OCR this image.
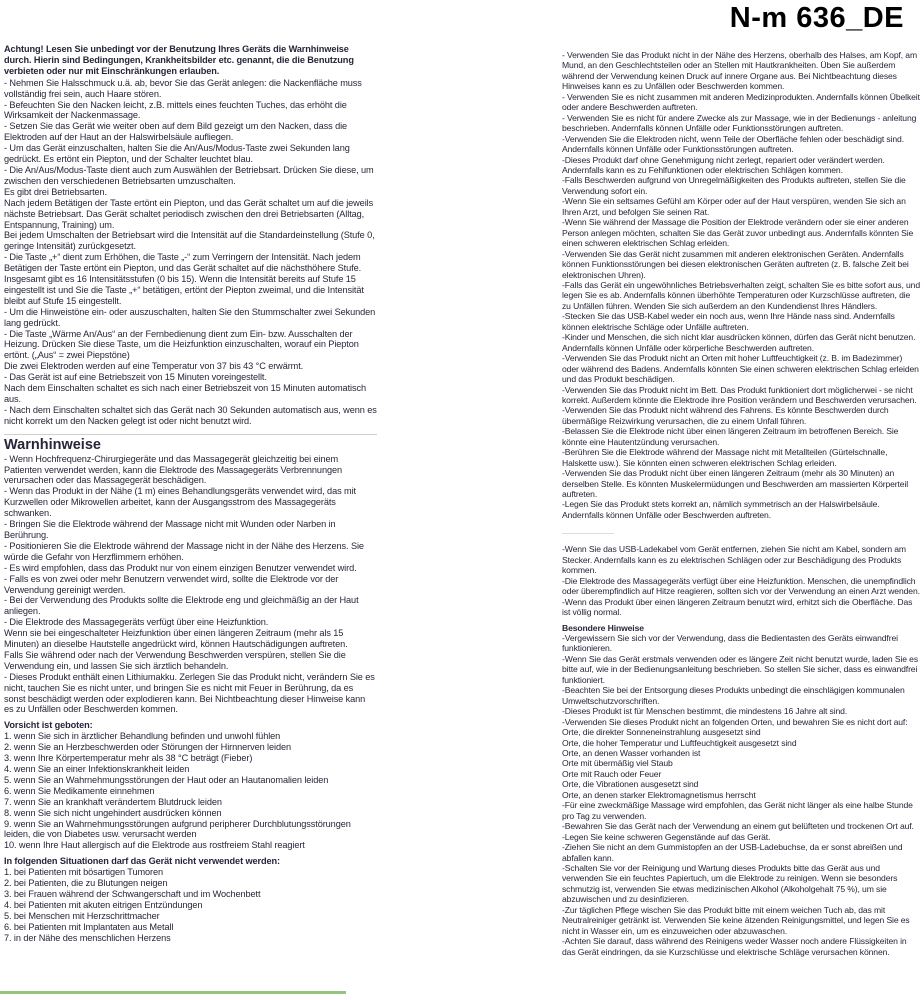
N-m 636_DE

Achtung! Lesen Sie unbedingt vor der Benutzung Ihres Geräts die Warnhinweise durch. Hierin sind Bedingungen, Krankheitsbilder etc. genannt, die die Benutzung verbieten oder nur mit Einschränkungen erlauben.

- Nehmen Sie Halsschmuck u.ä. ab, bevor Sie das Gerät anlegen: die Nackenfläche muss vollständig frei sein, auch Haare stören.

- Befeuchten Sie den Nacken leicht, z.B. mittels eines feuchten Tuches, das erhöht die Wirksamkeit der Nackenmassage.

- Setzen Sie das Gerät wie weiter oben auf dem Bild gezeigt um den Nacken, dass die Elektroden auf der Haut an der Halswirbelsäule aufliegen.

- Um das Gerät einzuschalten, halten Sie die An/Aus/Modus-Taste zwei Sekunden lang gedrückt. Es ertönt ein Piepton, und der Schalter leuchtet blau.

- Die An/Aus/Modus-Taste dient auch zum Auswählen der Betriebsart. Drücken Sie diese, um zwischen den verschiedenen Betriebsarten umzuschalten.

Es gibt drei Betriebsarten.

Nach jedem Betätigen der Taste ertönt ein Piepton, und das Gerät schaltet um auf die jeweils nächste Betriebsart. Das Gerät schaltet periodisch zwischen den drei Betriebsarten (Alltag, Entspannung, Training) um.

Bei jedem Umschalten der Betriebsart wird die Intensität auf die Standardeinstellung (Stufe 0, geringe Intensität) zurückgesetzt.

- Die Taste „+“ dient zum Erhöhen, die Taste „-“ zum Verringern der Intensität. Nach jedem Betätigen der Taste ertönt ein Piepton, und das Gerät schaltet auf die nächsthöhere Stufe. Insgesamt gibt es 16 Intensitätsstufen (0 bis 15). Wenn die Intensität bereits auf Stufe 15 eingestellt ist und Sie die Taste „+“ betätigen, ertönt der Piepton zweimal, und die Intensität bleibt auf Stufe 15 eingestellt.

- Um die Hinweistöne ein- oder auszuschalten, halten Sie den Stummschalter zwei Sekunden lang gedrückt.

- Die Taste „Wärme An/Aus“ an der Fernbedienung dient zum Ein- bzw. Ausschalten der Heizung. Drücken Sie diese Taste, um die Heizfunktion einzuschalten, worauf ein Piepton ertönt. („Aus“ = zwei Piepstöne)

Die zwei Elektroden werden auf eine Temperatur von 37 bis 43 °C erwärmt.

- Das Gerät ist auf eine Betriebszeit von 15 Minuten voreingestellt.

Nach dem Einschalten schaltet es sich nach einer Betriebszeit von 15 Minuten automatisch aus.

- Nach dem Einschalten schaltet sich das Gerät nach 30 Sekunden automatisch aus, wenn es nicht korrekt um den Nacken gelegt ist oder nicht benutzt wird.

Warnhinweise

- Wenn Hochfrequenz-Chirurgiegeräte und das Massagegerät gleichzeitig bei einem Patienten verwendet werden, kann die Elektrode des Massagegeräts Verbrennungen verursachen oder das Massagegerät beschädigen.

- Wenn das Produkt in der Nähe (1 m) eines Behandlungsgeräts verwendet wird, das mit Kurzwellen oder Mikrowellen arbeitet, kann der Ausgangsstrom des Massagegeräts schwanken.

- Bringen Sie die Elektrode während der Massage nicht mit Wunden oder Narben in Berührung.

- Positionieren Sie die Elektrode während der Massage nicht in der Nähe des Herzens. Sie würde die Gefahr von Herzflimmern erhöhen.

- Es wird empfohlen, dass das Produkt nur von einem einzigen Benutzer verwendet wird.

- Falls es von zwei oder mehr Benutzern verwendet wird, sollte die Elektrode vor der Verwendung gereinigt werden.

- Bei der Verwendung des Produkts sollte die Elektrode eng und gleichmäßig an der Haut anliegen.

- Die Elektrode des Massagegeräts verfügt über eine Heizfunktion.

Wenn sie bei eingeschalteter Heizfunktion über einen längeren Zeitraum (mehr als 15 Minuten) an dieselbe Hautstelle angedrückt wird, können Hautschädigungen auftreten.

Falls Sie während oder nach der Verwendung Beschwerden verspüren, stellen Sie die Verwendung ein, und lassen Sie sich ärztlich behandeln.

- Dieses Produkt enthält einen Lithiumakku. Zerlegen Sie das Produkt nicht, verändern Sie es nicht, tauchen Sie es nicht unter, und bringen Sie es nicht mit Feuer in Berührung, da es sonst beschädigt werden oder explodieren kann. Bei Nichtbeachtung dieser Hinweise kann es zu Unfällen oder Beschwerden kommen.

Vorsicht ist geboten:

1. wenn Sie sich in ärztlicher Behandlung befinden und unwohl fühlen

2. wenn Sie an Herzbeschwerden oder Störungen der Hirnnerven leiden

3. wenn Ihre Körpertemperatur mehr als 38 °C beträgt (Fieber)

4. wenn Sie an einer Infektionskrankheit leiden

5. wenn Sie an Wahrnehmungsstörungen der Haut oder an Hautanomalien leiden

6. wenn Sie Medikamente einnehmen

7. wenn Sie an krankhaft verändertem Blutdruck leiden

8. wenn Sie sich nicht ungehindert ausdrücken können

9. wenn Sie an Wahrnehmungsstörungen aufgrund peripherer Durchblutungsstörungen leiden, die von Diabetes usw. verursacht werden

10. wenn Ihre Haut allergisch auf die Elektrode aus rostfreiem Stahl reagiert

In folgenden Situationen darf das Gerät nicht verwendet werden:

1. bei Patienten mit bösartigen Tumoren

2. bei Patienten, die zu Blutungen neigen

3. bei Frauen während der Schwangerschaft und im Wochenbett

4. bei Patienten mit akuten eitrigen Entzündungen

5. bei Menschen mit Herzschrittmacher

6. bei Patienten mit Implantaten aus Metall

7. in der Nähe des menschlichen Herzens

- Verwenden Sie das Produkt nicht in der Nähe des Herzens, oberhalb des Halses, am Kopf, am Mund, an den Geschlechtsteilen oder an Stellen mit Hautkrankheiten. Üben Sie außerdem während der Verwendung keinen Druck auf innere Organe aus. Bei Nichtbeachtung dieses Hinweises kann es zu Unfällen oder Beschwerden kommen.

- Verwenden Sie es nicht zusammen mit anderen Medizinprodukten. Andernfalls können Übelkeit oder andere Beschwerden auftreten.

- Verwenden Sie es nicht für andere Zwecke als zur Massage, wie in der Bedienungs - anleitung beschrieben. Andernfalls können Unfälle oder Funktionsstörungen auftreten.

-Verwenden Sie die Elektroden nicht, wenn Teile der Oberfläche fehlen oder beschädigt sind. Andernfalls können Unfälle oder Funktionsstörungen auftreten.

-Dieses Produkt darf ohne Genehmigung nicht zerlegt, repariert oder verändert werden. Andernfalls kann es zu Fehlfunktionen oder elektrischen Schlägen kommen.

-Falls Beschwerden aufgrund von Unregelmäßigkeiten des Produkts auftreten, stellen Sie die Verwendung sofort ein.

-Wenn Sie ein seltsames Gefühl am Körper oder auf der Haut verspüren, wenden Sie sich an Ihren Arzt, und befolgen Sie seinen Rat.

-Wenn Sie während der Massage die Position der Elektrode verändern oder sie einer anderen Person anlegen möchten, schalten Sie das Gerät zuvor unbedingt aus. Andernfalls könnten Sie einen schweren elektrischen Schlag erleiden.

-Verwenden Sie das Gerät nicht zusammen mit anderen elektronischen Geräten. Andernfalls können Funktionsstörungen bei diesen elektronischen Geräten auftreten (z. B. falsche Zeit bei elektronischen Uhren).

-Falls das Gerät ein ungewöhnliches Betriebsverhalten zeigt, schalten Sie es bitte sofort aus, und legen Sie es ab. Andernfalls können überhöhte Temperaturen oder Kurzschlüsse auftreten, die zu Unfällen führen. Wenden Sie sich außerdem an den Kundendienst Ihres Händlers.

-Stecken Sie das USB-Kabel weder ein noch aus, wenn Ihre Hände nass sind. Andernfalls können elektrische Schläge oder Unfälle auftreten.

-Kinder und Menschen, die sich nicht klar ausdrücken können, dürfen das Gerät nicht benutzen. Andernfalls können Unfälle oder körperliche Beschwerden auftreten.

-Verwenden Sie das Produkt nicht an Orten mit hoher Luftfeuchtigkeit (z. B. im Badezimmer) oder während des Badens. Andernfalls könnten Sie einen schweren elektrischen Schlag erleiden und das Produkt beschädigen.

-Verwenden Sie das Produkt nicht im Bett. Das Produkt funktioniert dort möglicherwei - se nicht korrekt. Außerdem könnte die Elektrode ihre Position verändern und Beschwerden verursachen.

-Verwenden Sie das Produkt nicht während des Fahrens. Es könnte Beschwerden durch übermäßige Reizwirkung verursachen, die zu einem Unfall führen.

-Belassen Sie die Elektrode nicht über einen längeren Zeitraum im betroffenen Bereich. Sie könnte eine Hautentzündung verursachen.

-Berühren Sie die Elektrode während der Massage nicht mit Metallteilen (Gürtelschnalle, Halskette usw.). Sie könnten einen schweren elektrischen Schlag erleiden.

-Verwenden Sie das Produkt nicht über einen längeren Zeitraum (mehr als 30 Minuten) an derselben Stelle. Es könnten Muskelermüdungen und Beschwerden am massierten Körperteil auftreten.

-Legen Sie das Produkt stets korrekt an, nämlich symmetrisch an der Halswirbelsäule. Andernfalls können Unfälle oder Beschwerden auftreten.

-Wenn Sie das USB-Ladekabel vom Gerät entfernen, ziehen Sie nicht am Kabel, sondern am Stecker. Andernfalls kann es zu elektrischen Schlägen oder zur Beschädigung des Produkts kommen.

-Die Elektrode des Massagegeräts verfügt über eine Heizfunktion. Menschen, die unempfindlich oder überempfindlich auf Hitze reagieren, sollten sich vor der Verwendung an einen Arzt wenden.

-Wenn das Produkt über einen längeren Zeitraum benutzt wird, erhitzt sich die Oberfläche. Das ist völlig normal.

Besondere Hinweise

-Vergewissern Sie sich vor der Verwendung, dass die Bedientasten des Geräts einwandfrei funktionieren.

-Wenn Sie das Gerät erstmals verwenden oder es längere Zeit nicht benutzt wurde, laden Sie es bitte auf, wie in der Bedienungsanleitung beschrieben. So stellen Sie sicher, dass es einwandfrei funktioniert.

-Beachten Sie bei der Entsorgung dieses Produkts unbedingt die einschlägigen kommunalen Umweltschutzvorschriften.

-Dieses Produkt ist für Menschen bestimmt, die mindestens 16 Jahre alt sind.

-Verwenden Sie dieses Produkt nicht an folgenden Orten, und bewahren Sie es nicht dort auf:

Orte, die direkter Sonneneinstrahlung ausgesetzt sind

Orte, die hoher Temperatur und Luftfeuchtigkeit ausgesetzt sind

Orte, an denen Wasser vorhanden ist

Orte mit übermäßig viel Staub

Orte mit Rauch oder Feuer

Orte, die Vibrationen ausgesetzt sind

Orte, an denen starker Elektromagnetismus herrscht

-Für eine zweckmäßige Massage wird empfohlen, das Gerät nicht länger als eine halbe Stunde pro Tag zu verwenden.

-Bewahren Sie das Gerät nach der Verwendung an einem gut belüfteten und trockenen Ort auf.

-Legen Sie keine schweren Gegenstände auf das Gerät.

-Ziehen Sie nicht an dem Gummistopfen an der USB-Ladebuchse, da er sonst abreißen und abfallen kann.

-Schalten Sie vor der Reinigung und Wartung dieses Produkts bitte das Gerät aus und verwenden Sie ein feuchtes Papiertuch, um die Elektrode zu reinigen. Wenn sie besonders schmutzig ist, verwenden Sie etwas medizinischen Alkohol (Alkoholgehalt 75 %), um sie abzuwischen und zu desinfizieren.

-Zur täglichen Pflege wischen Sie das Produkt bitte mit einem weichen Tuch ab, das mit Neutralreiniger getränkt ist. Verwenden Sie keine ätzenden Reinigungsmittel, und legen Sie es nicht in Wasser ein, um es einzuweichen oder abzuwaschen.

-Achten Sie darauf, dass während des Reinigens weder Wasser noch andere Flüssigkeiten in das Gerät eindringen, da sie Kurzschlüsse und elektrische Schläge verursachen können.
